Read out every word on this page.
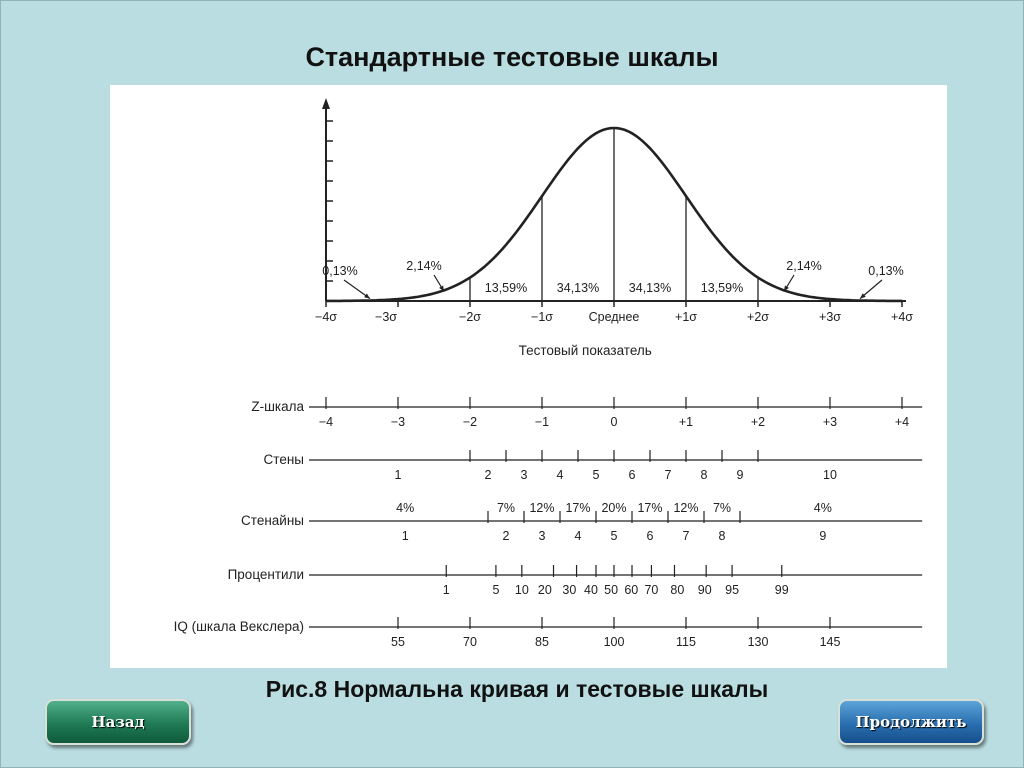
Стандартные тестовые шкалы
13,59% 34,13% 34,13% 13,59%
0,13%	2,14%	2,14%	0,13%
−4σ	−3σ	−2σ	−1σ	Среднее	+1σ	+2σ	+3σ	+4σ
Тестовый показатель
Z-шкала
−4	−3	−2	−1	0	+1	+2	+3	+4
Стены
1	2 3 4 5 6 7 8 9	10
Стенайны
4%	7% 12% 17% 20% 17% 12% 7%	4%
1	2 3 4 5 6 7 8	9
Процентили
1	5 10 20 30 40 50 60 70 80 90 95	99
IQ (шкала Векслера)
55	70	85	100	115	130	145
Рис.8 Нормальна кривая и тестовые шкалы
Назад	Продолжить
